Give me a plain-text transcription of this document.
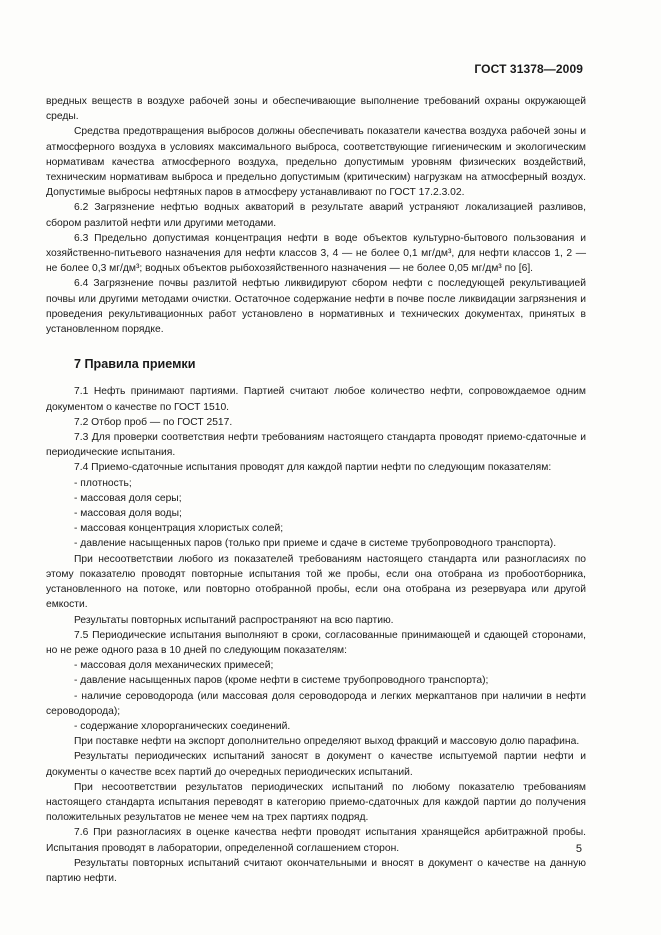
ГОСТ 31378—2009

вредных веществ в воздухе рабочей зоны и обеспечивающие выполнение требований охраны окружающей среды.

Средства предотвращения выбросов должны обеспечивать показатели качества воздуха рабочей зоны и атмосферного воздуха в условиях максимального выброса, соответствующие гигиеническим и экологическим нормативам качества атмосферного воздуха, предельно допустимым уровням физических воздействий, техническим нормативам выброса и предельно допустимым (критическим) нагрузкам на атмосферный воздух. Допустимые выбросы нефтяных паров в атмосферу устанавливают по ГОСТ 17.2.3.02.

6.2 Загрязнение нефтью водных акваторий в результате аварий устраняют локализацией разливов, сбором разлитой нефти или другими методами.

6.3 Предельно допустимая концентрация нефти в воде объектов культурно-бытового пользования и хозяйственно-питьевого назначения для нефти классов 3, 4 — не более 0,1 мг/дм³, для нефти классов 1, 2 — не более 0,3 мг/дм³; водных объектов рыбохозяйственного назначения — не более 0,05 мг/дм³ по [6].

6.4 Загрязнение почвы разлитой нефтью ликвидируют сбором нефти с последующей рекультивацией почвы или другими методами очистки. Остаточное содержание нефти в почве после ликвидации загрязнения и проведения рекультивационных работ установлено в нормативных и технических документах, принятых в установленном порядке.

7 Правила приемки

7.1 Нефть принимают партиями. Партией считают любое количество нефти, сопровождаемое одним документом о качестве по ГОСТ 1510.

7.2 Отбор проб — по ГОСТ 2517.

7.3 Для проверки соответствия нефти требованиям настоящего стандарта проводят приемо-сдаточные и периодические испытания.

7.4 Приемо-сдаточные испытания проводят для каждой партии нефти по следующим показателям:

- плотность;

- массовая доля серы;

- массовая доля воды;

- массовая концентрация хлористых солей;

- давление насыщенных паров (только при приеме и сдаче в системе трубопроводного транспорта).

При несоответствии любого из показателей требованиям настоящего стандарта или разногласиях по этому показателю проводят повторные испытания той же пробы, если она отобрана из пробоотборника, установленного на потоке, или повторно отобранной пробы, если она отобрана из резервуара или другой емкости.

Результаты повторных испытаний распространяют на всю партию.

7.5 Периодические испытания выполняют в сроки, согласованные принимающей и сдающей сторонами, но не реже одного раза в 10 дней по следующим показателям:

- массовая доля механических примесей;

- давление насыщенных паров (кроме нефти в системе трубопроводного транспорта);

- наличие сероводорода (или массовая доля сероводорода и легких меркаптанов при наличии в нефти сероводорода);

- содержание хлорорганических соединений.

При поставке нефти на экспорт дополнительно определяют выход фракций и массовую долю парафина.

Результаты периодических испытаний заносят в документ о качестве испытуемой партии нефти и документы о качестве всех партий до очередных периодических испытаний.

При несоответствии результатов периодических испытаний по любому показателю требованиям настоящего стандарта испытания переводят в категорию приемо-сдаточных для каждой партии до получения положительных результатов не менее чем на трех партиях подряд.

7.6 При разногласиях в оценке качества нефти проводят испытания хранящейся арбитражной пробы. Испытания проводят в лаборатории, определенной соглашением сторон.

Результаты повторных испытаний считают окончательными и вносят в документ о качестве на данную партию нефти.

5
